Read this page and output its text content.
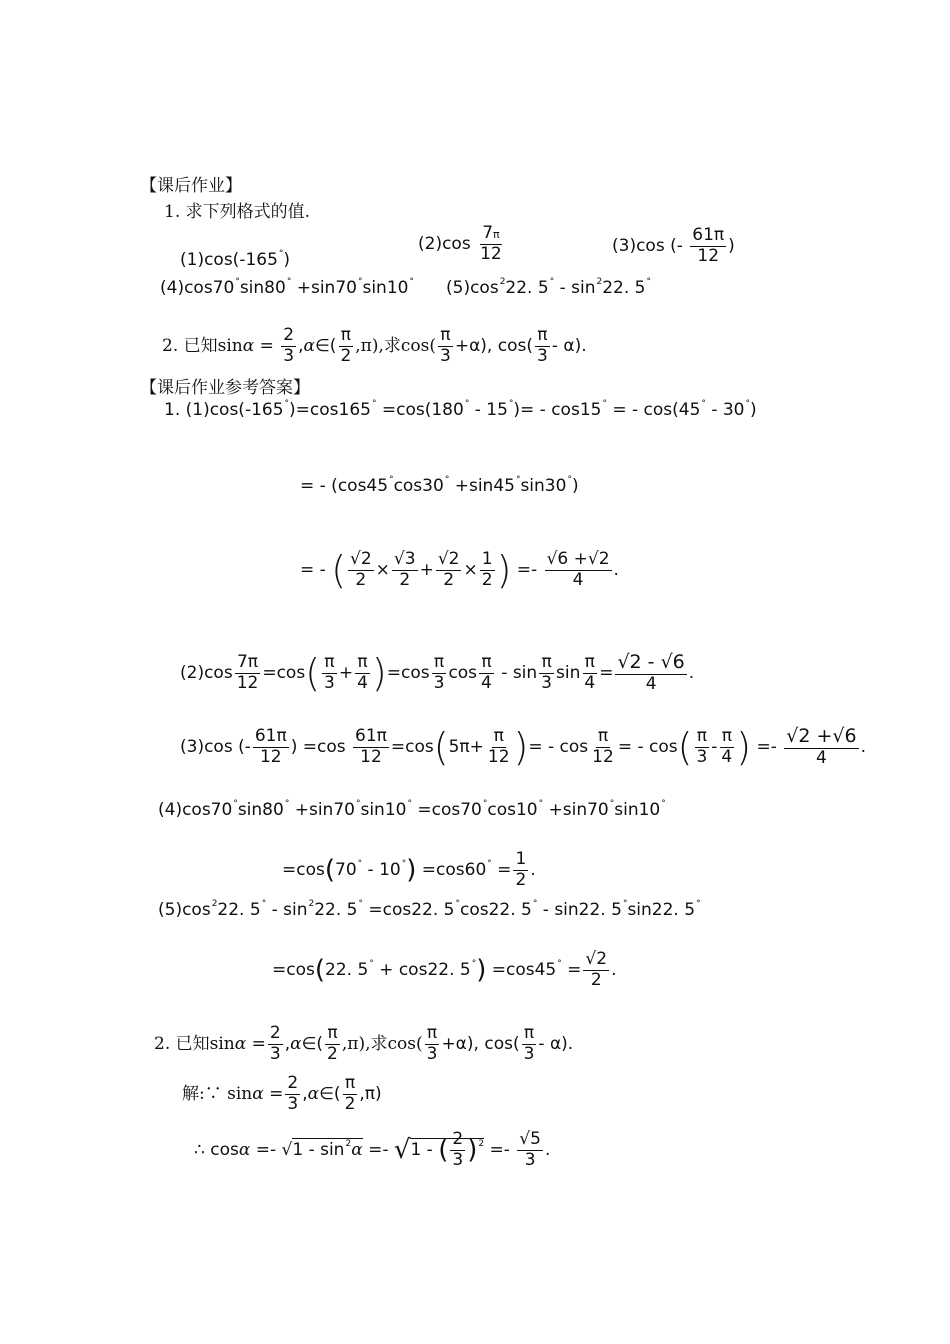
【课后作业】
1. 求下列格式的值.
(1)cos(-165°)
$(2)\cos \frac{7\pi}{12}$	(3)cos (- $\frac{61\pi}{12}$ )
(4)cos70°sin80° +sin70°sin10° $(5)\cos^222$. $5^\circ - \sin^222$. 5°
2. 已知$\sin\alpha = \frac{2}{3}$ ,α∈( $\frac{\pi}{2} ,\pi$),求$\cos( \frac{\pi}{3} +\alpha)$, $\cos( \frac{\pi}{3} - \alpha)$.
【课后作业参考答案】
1. (1)cos(-165°)=cos165° =cos(180° - 15°)= - cos15° = - cos(45° - 30°)
= - (cos45°cos30° +sin45°sin30°)
= - ( $\frac{√2}{2} \times \frac{√3}{2} + \frac{√2}{2} \times \frac{1}{2}$ ) =- $\frac{√6 +√2}{4}$ .
$(2)\cos \frac{7\pi}{12} =\cos( \frac{\pi}{3} + \frac{\pi}{4} )=\cos \frac{\pi}{3}$ $\cos \frac{\pi}{4}$ - $\sin \frac{\pi}{3}$ $\sin \frac{\pi}{4} = \frac{√2 - √6}{4}$ .
(3)cos (- $\frac{61\pi}{12}$ ) $=\cos \frac{61\pi}{12} =\cos(5\pi+ \frac{\pi}{12}$ )= - $\cos \frac{\pi}{12}$ = - $\cos( \frac{\pi}{3} - \frac{\pi}{4}$ ) =- $\frac{√2 +√6}{4}$ .
(4)cos70°sin80° +sin70°sin10° =cos70°cos10° +sin70°sin10°
$=\cos(70^\circ - 10^\circ) =\cos 60^\circ = \frac{1}{2}$ .
$(5)\cos^222$. $5^\circ - \sin^222$. 5° =cos22. 5°cos22. 5° - sin22. 5°sin22. 5°
=cos(22. 5° + cos22. $5^\circ) =\cos 45^\circ = \frac{√2}{2}$ .
2. 已知$\sin\alpha = \frac{2}{3}$ ,α∈( $\frac{\pi}{2} ,\pi$),求$\cos( \frac{\pi}{3} +\alpha)$, $\cos( \frac{\pi}{3} - \alpha)$.
解:∵ $\sin\alpha = \frac{2}{3}$ ,α∈( $\frac{\pi}{2} ,\pi$)
∴ $\cos\alpha =- √1 - \sin^2\alpha =- √1$ - ( $\frac{2}{3} )^2 =- \frac{√5}{3}$ .
